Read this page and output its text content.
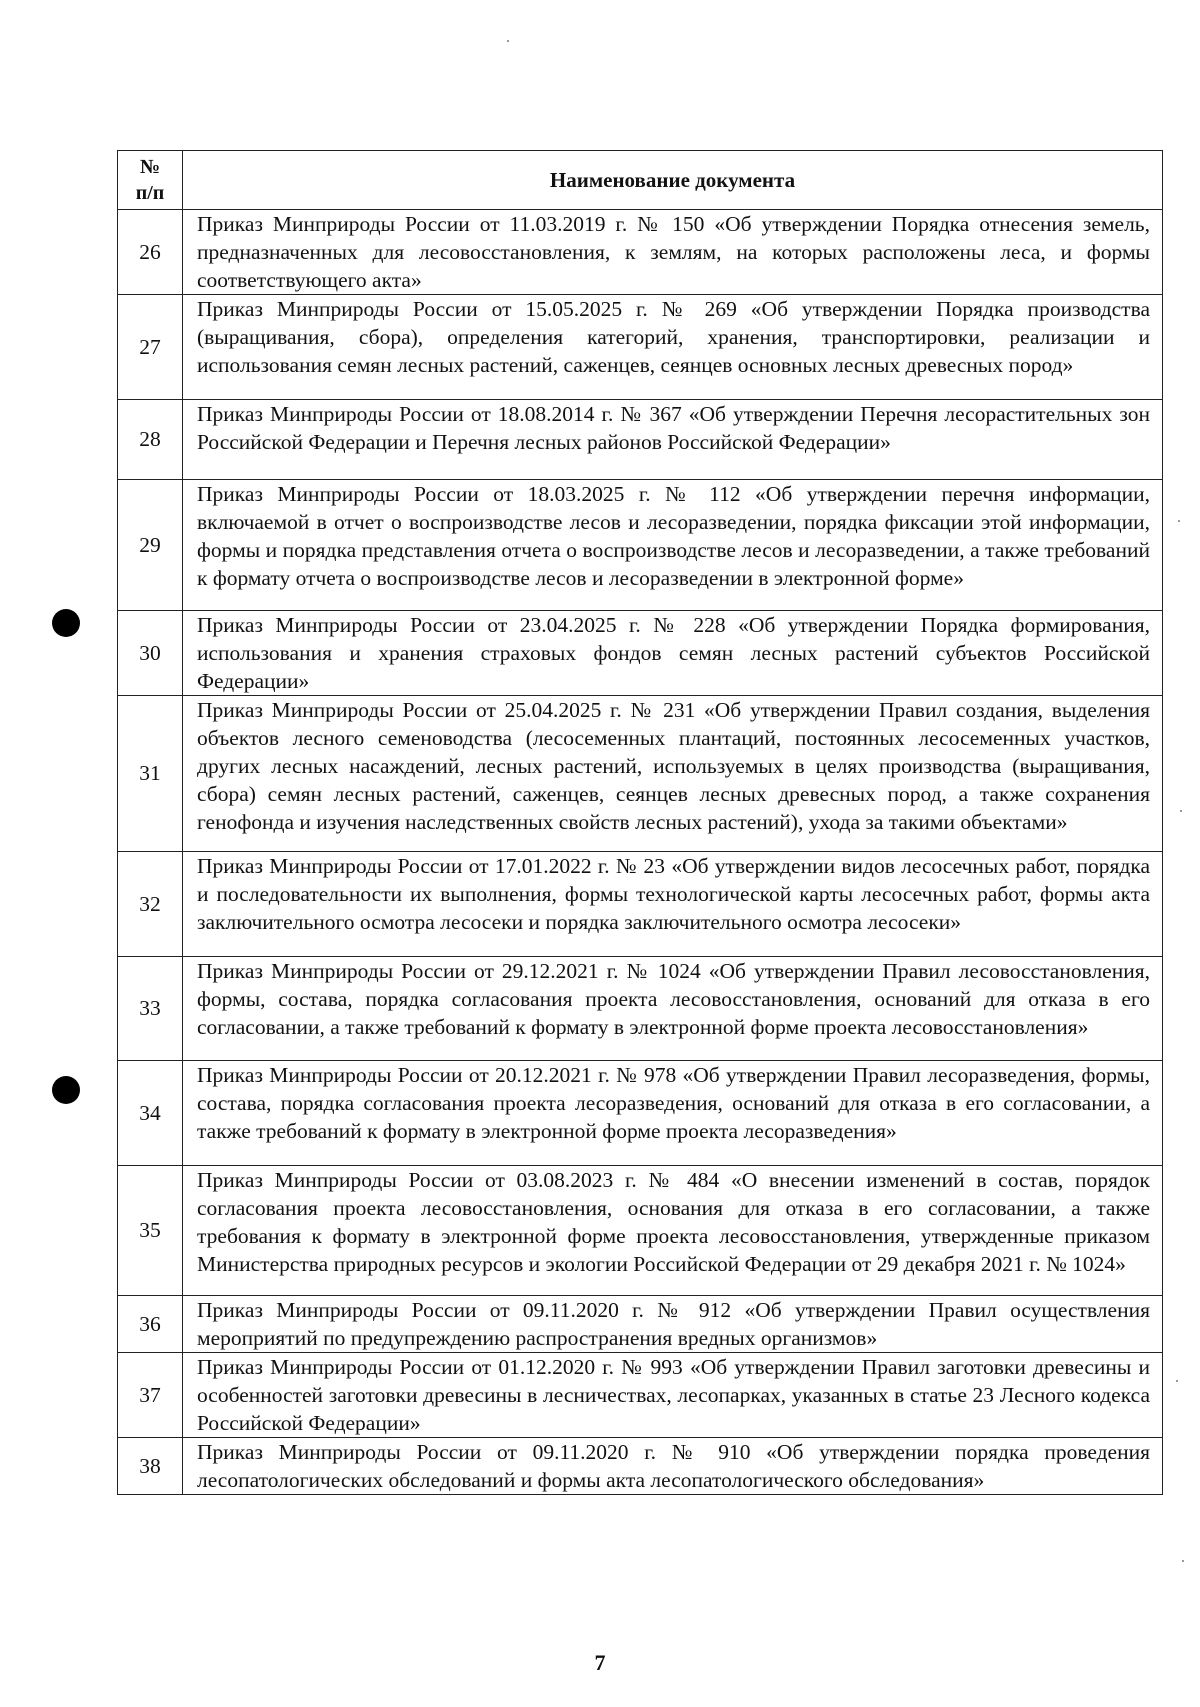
№
п/п	Наименование документа
26	Приказ Минприроды России от 11.03.2019 г. № 150 «Об утверждении Порядка отнесения земель, предназначенных для лесовосстановления, к землям, на которых расположены леса, и формы соответствующего акта»
27	Приказ Минприроды России от 15.05.2025 г. № 269 «Об утверждении Порядка производства (выращивания, сбора), определения категорий, хранения, транспортировки, реализации и использования семян лесных растений, саженцев, сеянцев основных лесных древесных пород»
28	Приказ Минприроды России от 18.08.2014 г. № 367 «Об утверждении Перечня лесорастительных зон Российской Федерации и Перечня лесных районов Российской Федерации»
29	Приказ Минприроды России от 18.03.2025 г. № 112 «Об утверждении перечня информации, включаемой в отчет о воспроизводстве лесов и лесоразведении, порядка фиксации этой информации, формы и порядка представления отчета о воспроизводстве лесов и лесоразведении, а также требований к формату отчета о воспроизводстве лесов и лесоразведении в электронной форме»
30	Приказ Минприроды России от 23.04.2025 г. № 228 «Об утверждении Порядка формирования, использования и хранения страховых фондов семян лесных растений субъектов Российской Федерации»
31	Приказ Минприроды России от 25.04.2025 г. № 231 «Об утверждении Правил создания, выделения объектов лесного семеноводства (лесосеменных плантаций, постоянных лесосеменных участков, других лесных насаждений, лесных растений, используемых в целях производства (выращивания, сбора) семян лесных растений, саженцев, сеянцев лесных древесных пород, а также сохранения генофонда и изучения наследственных свойств лесных растений), ухода за такими объектами»
32	Приказ Минприроды России от 17.01.2022 г. № 23 «Об утверждении видов лесосечных работ, порядка и последовательности их выполнения, формы технологической карты лесосечных работ, формы акта заключительного осмотра лесосеки и порядка заключительного осмотра лесосеки»
33	Приказ Минприроды России от 29.12.2021 г. № 1024 «Об утверждении Правил лесовосстановления, формы, состава, порядка согласования проекта лесовосстановления, оснований для отказа в его согласовании, а также требований к формату в электронной форме проекта лесовосстановления»
34	Приказ Минприроды России от 20.12.2021 г. № 978 «Об утверждении Правил лесоразведения, формы, состава, порядка согласования проекта лесоразведения, оснований для отказа в его согласовании, а также требований к формату в электронной форме проекта лесоразведения»
35	Приказ Минприроды России от 03.08.2023 г. № 484 «О внесении изменений в состав, порядок согласования проекта лесовосстановления, основания для отказа в его согласовании, а также требования к формату в электронной форме проекта лесовосстановления, утвержденные приказом Министерства природных ресурсов и экологии Российской Федерации от 29 декабря 2021 г. № 1024»
36	Приказ Минприроды России от 09.11.2020 г. № 912 «Об утверждении Правил осуществления мероприятий по предупреждению распространения вредных организмов»
37	Приказ Минприроды России от 01.12.2020 г. № 993 «Об утверждении Правил заготовки древесины и особенностей заготовки древесины в лесничествах, лесопарках, указанных в статье 23 Лесного кодекса Российской Федерации»
38	Приказ Минприроды России от 09.11.2020 г. № 910 «Об утверждении порядка проведения лесопатологических обследований и формы акта лесопатологического обследования»
7
